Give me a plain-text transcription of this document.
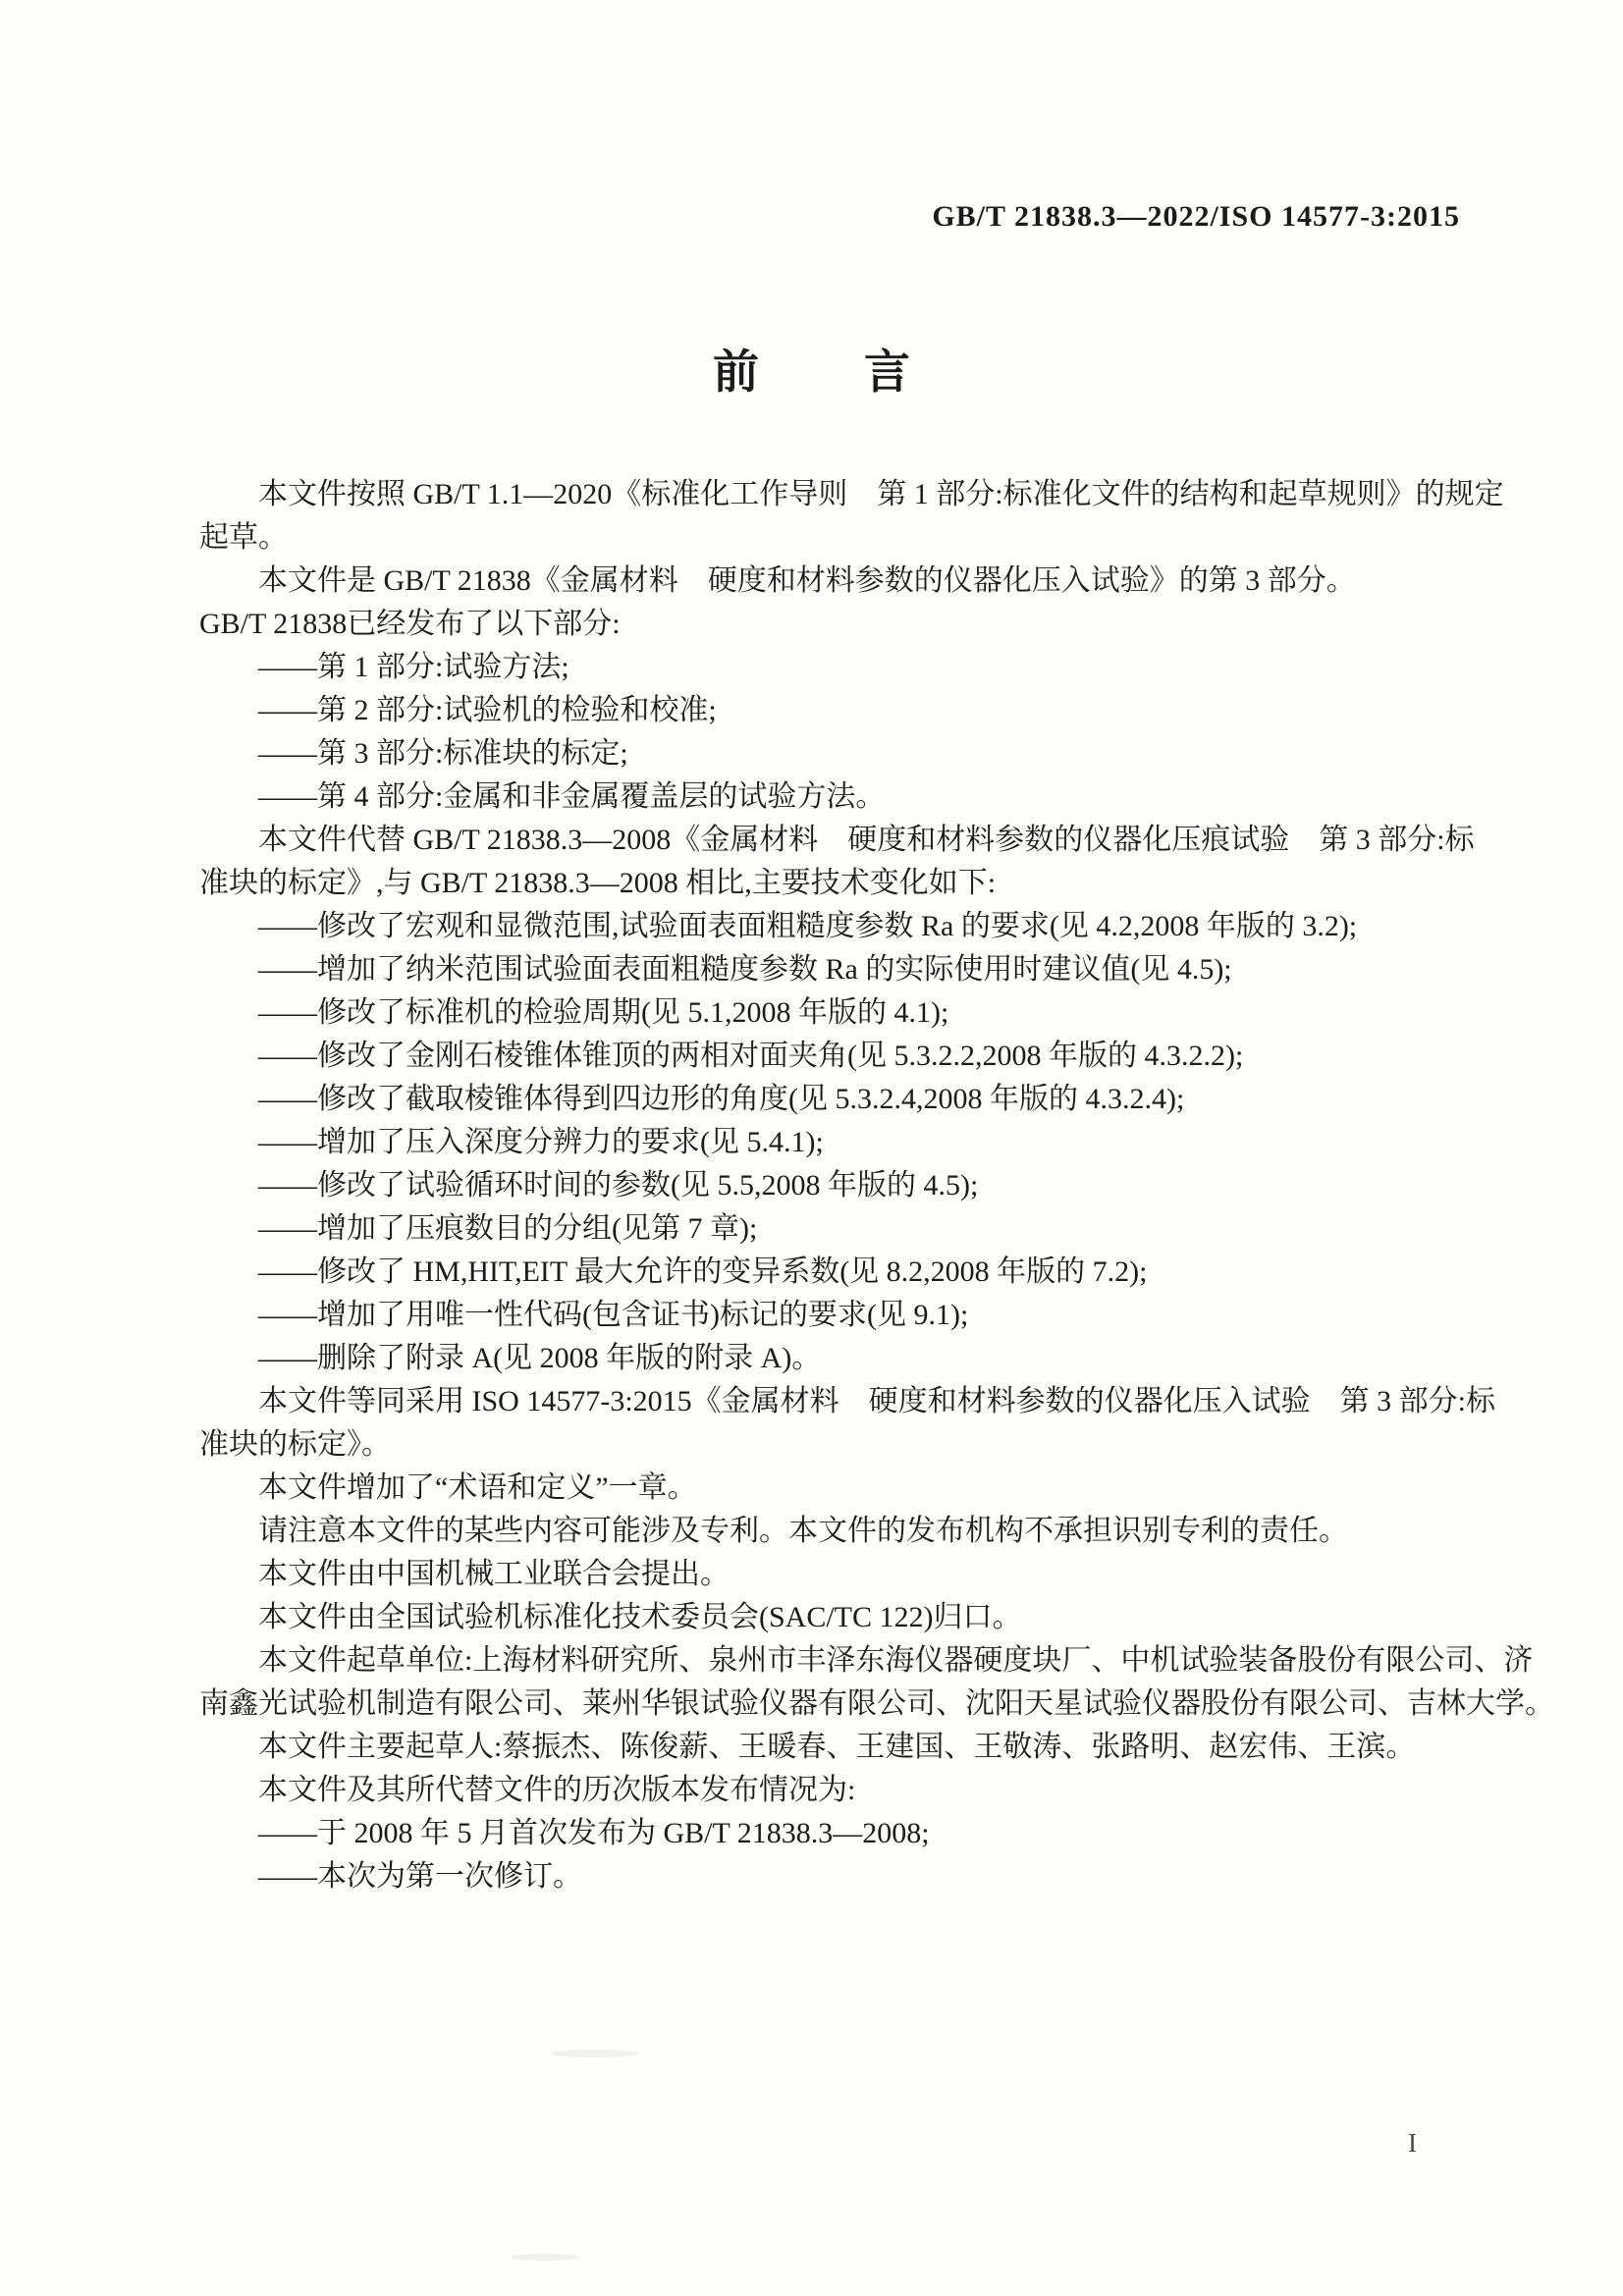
GB/T 21838.3—2022/ISO 14577-3:2015
前　言
本文件按照 GB/T 1.1—2020《标准化工作导则　第 1 部分:标准化文件的结构和起草规则》的规定
起草。
本文件是 GB/T 21838《金属材料　硬度和材料参数的仪器化压入试验》的第 3 部分。
GB/T 21838已经发布了以下部分:
——第 1 部分:试验方法;
——第 2 部分:试验机的检验和校准;
——第 3 部分:标准块的标定;
——第 4 部分:金属和非金属覆盖层的试验方法。
本文件代替 GB/T 21838.3—2008《金属材料　硬度和材料参数的仪器化压痕试验　第 3 部分:标
准块的标定》,与 GB/T 21838.3—2008 相比,主要技术变化如下:
——修改了宏观和显微范围,试验面表面粗糙度参数 Ra 的要求(见 4.2,2008 年版的 3.2);
——增加了纳米范围试验面表面粗糙度参数 Ra 的实际使用时建议值(见 4.5);
——修改了标准机的检验周期(见 5.1,2008 年版的 4.1);
——修改了金刚石棱锥体锥顶的两相对面夹角(见 5.3.2.2,2008 年版的 4.3.2.2);
——修改了截取棱锥体得到四边形的角度(见 5.3.2.4,2008 年版的 4.3.2.4);
——增加了压入深度分辨力的要求(见 5.4.1);
——修改了试验循环时间的参数(见 5.5,2008 年版的 4.5);
——增加了压痕数目的分组(见第 7 章);
——修改了 HM,HIT,EIT 最大允许的变异系数(见 8.2,2008 年版的 7.2);
——增加了用唯一性代码(包含证书)标记的要求(见 9.1);
——删除了附录 A(见 2008 年版的附录 A)。
本文件等同采用 ISO 14577-3:2015《金属材料　硬度和材料参数的仪器化压入试验　第 3 部分:标
准块的标定》。
本文件增加了“术语和定义”一章。
请注意本文件的某些内容可能涉及专利。本文件的发布机构不承担识别专利的责任。
本文件由中国机械工业联合会提出。
本文件由全国试验机标准化技术委员会(SAC/TC 122)归口。
本文件起草单位:上海材料研究所、泉州市丰泽东海仪器硬度块厂、中机试验装备股份有限公司、济
南鑫光试验机制造有限公司、莱州华银试验仪器有限公司、沈阳天星试验仪器股份有限公司、吉林大学。
本文件主要起草人:蔡振杰、陈俊薪、王暖春、王建国、王敬涛、张路明、赵宏伟、王滨。
本文件及其所代替文件的历次版本发布情况为:
——于 2008 年 5 月首次发布为 GB/T 21838.3—2008;
——本次为第一次修订。
I
